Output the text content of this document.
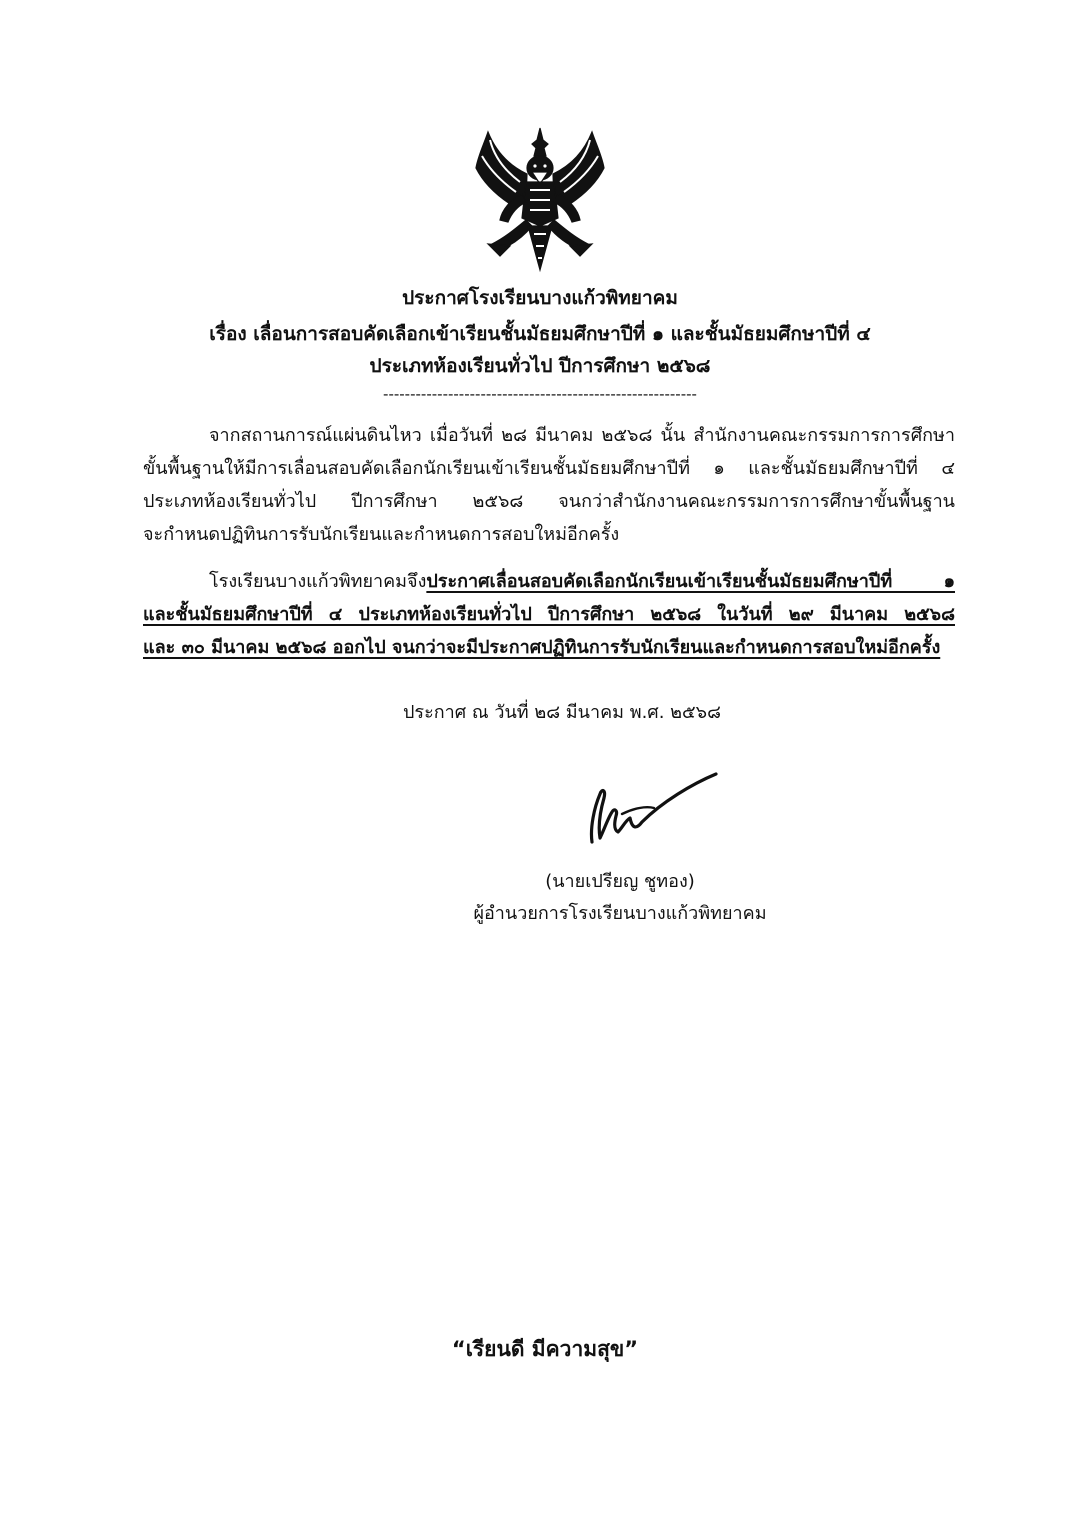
ประกาศโรงเรียนบางแก้วพิทยาคม
เรื่อง เลื่อนการสอบคัดเลือกเข้าเรียนชั้นมัธยมศึกษาปีที่ ๑ และชั้นมัธยมศึกษาปีที่ ๔
ประเภทห้องเรียนทั่วไป ปีการศึกษา ๒๕๖๘
----------------------------------------------------------
จากสถานการณ์แผ่นดินไหว เมื่อวันที่ ๒๘ มีนาคม ๒๕๖๘ นั้น สำนักงานคณะกรรมการการศึกษา
ขั้นพื้นฐานให้มีการเลื่อนสอบคัดเลือกนักเรียนเข้าเรียนชั้นมัธยมศึกษาปีที่ ๑ และชั้นมัธยมศึกษาปีที่ ๔
ประเภทห้องเรียนทั่วไป ปีการศึกษา ๒๕๖๘ จนกว่าสำนักงานคณะกรรมการการศึกษาขั้นพื้นฐาน
จะกำหนดปฏิทินการรับนักเรียนและกำหนดการสอบใหม่อีกครั้ง
โรงเรียนบางแก้วพิทยาคมจึงประกาศเลื่อนสอบคัดเลือกนักเรียนเข้าเรียนชั้นมัธยมศึกษาปีที่ ๑
และชั้นมัธยมศึกษาปีที่ ๔ ประเภทห้องเรียนทั่วไป ปีการศึกษา ๒๕๖๘ ในวันที่ ๒๙ มีนาคม ๒๕๖๘
และ ๓๐ มีนาคม ๒๕๖๘ ออกไป จนกว่าจะมีประกาศปฏิทินการรับนักเรียนและกำหนดการสอบใหม่อีกครั้ง
ประกาศ ณ วันที่ ๒๘ มีนาคม พ.ศ. ๒๕๖๘
(นายเปรียญ ชูทอง)
ผู้อำนวยการโรงเรียนบางแก้วพิทยาคม
“เรียนดี มีความสุข”
